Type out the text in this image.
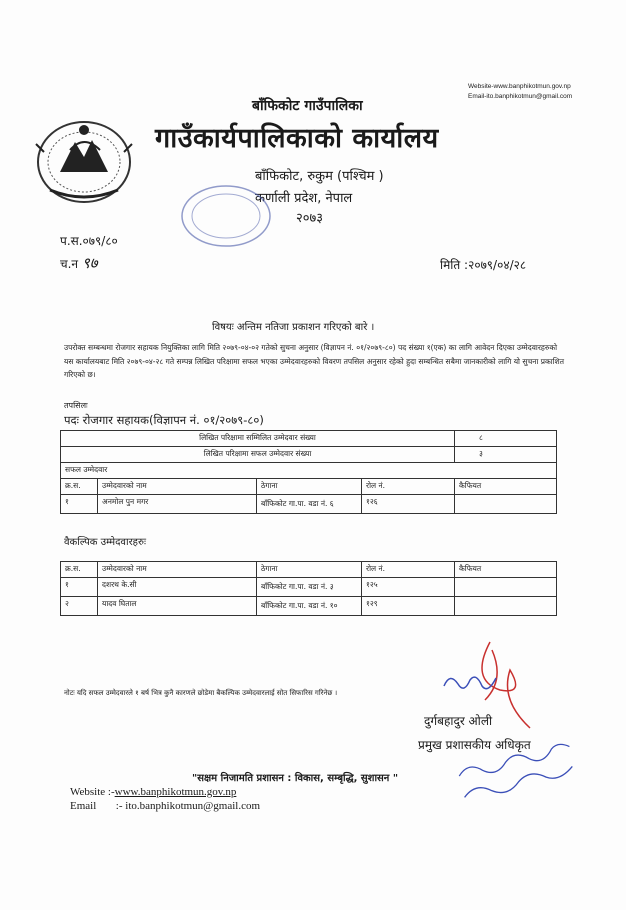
Website-www.banphikotmun.gov.np
Email-ito.banphikotmun@gmail.com
बाँफिकोट गाउँपालिका
गाउँकार्यपालिकाको कार्यालय
बाँफिकोट, रुकुम (पश्चिम )
कर्णाली प्रदेश, नेपाल
२०७३
प.स.०७९/८०
च.न ९७	मिति :२०७९/०४/२८
विषयः अन्तिम नतिजा प्रकाशन गरिएको बारे ।
उपरोक्त सम्बन्धमा रोजगार सहायक नियुक्तिका लागि मिति २०७९-०४-०२ गतेको सुचना अनुसार (विज्ञापन नं. ०१/२०७९-८०) पद संख्या १(एक) का लागि आवेदन दिएका उम्मेदवारहरुको यस कार्यालयबाट मिति २०७९-०४-२८ गते सम्पन्न लिखित परिक्षामा सफल भएका उम्मेदवारहरुको विवरण तपसिल अनुसार रहेको हुदा सम्बन्धित सबैमा जानकारीको लागि यो सुचना प्रकाशित गरिएको छ।
तपसिलः
पदः रोजगार सहायक(विज्ञापन नं. ०१/२०७९-८०)
लिखित परिक्षामा सम्मिलित उम्मेदवार संख्या				८
लिखित परिक्षामा सफल उम्मेदवार संख्या				३
सफल उम्मेदवार				
क्र.स.	उम्मेदवारको नाम	ठेगाना	रोल नं.	कैफियत
१	अनमोल पुन मगर	बाँफिकोट गा.पा. वडा नं. ६	१२६	
वैकल्पिक उम्मेदवारहरुः
क्र.स.	उम्मेदवारको नाम	ठेगाना	रोल नं.	कैफियत
१	दशरथ के.सी	बाँफिकोट गा.पा. वडा नं. ३	१२५	
२	यादव घिताल	बाँफिकोट गा.पा. वडा नं. १०	१२९	
नोटः यदि सफल उम्मेदवारले १ बर्ष भित्र कुनै कारणले छोडेमा बैकल्पिक उम्मेदवारलाई सोत सिफारिस गरिनेछ ।
दुर्गबहादुर ओली
प्रमुख प्रशासकीय अधिकृत
"सक्षम निजामति प्रशासन : विकास, सम्बृद्धि, सुशासन "
Website :-www.banphikotmun.gov.np
Email :- ito.banphikotmun@gmail.com
